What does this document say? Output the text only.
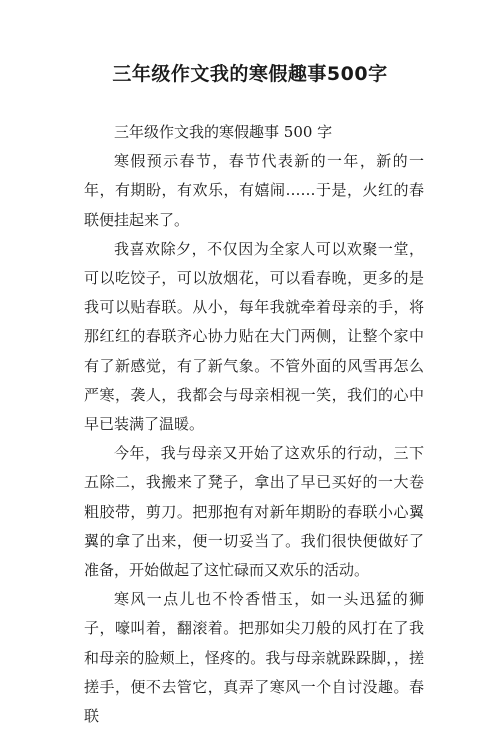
三年级作文我的寒假趣事500字

三年级作文我的寒假趣事 500 字

寒假预示春节，春节代表新的一年，新的一年，有期盼，有欢乐，有嬉闹……于是，火红的春联便挂起来了。

我喜欢除夕，不仅因为全家人可以欢聚一堂，可以吃饺子，可以放烟花，可以看春晚，更多的是我可以贴春联。从小，每年我就牵着母亲的手，将那红红的春联齐心协力贴在大门两侧，让整个家中有了新感觉，有了新气象。不管外面的风雪再怎么严寒，袭人，我都会与母亲相视一笑，我们的心中早已装满了温暖。

今年，我与母亲又开始了这欢乐的行动，三下五除二，我搬来了凳子，拿出了早已买好的一大卷粗胶带，剪刀。把那抱有对新年期盼的春联小心翼翼的拿了出来，便一切妥当了。我们很快便做好了准备，开始做起了这忙碌而又欢乐的活动。

寒风一点儿也不怜香惜玉，如一头迅猛的狮子，嚎叫着，翻滚着。把那如尖刀般的风打在了我和母亲的脸颊上，怪疼的。我与母亲就跺跺脚，，搓搓手，便不去管它，真弄了寒风一个自讨没趣。春联
